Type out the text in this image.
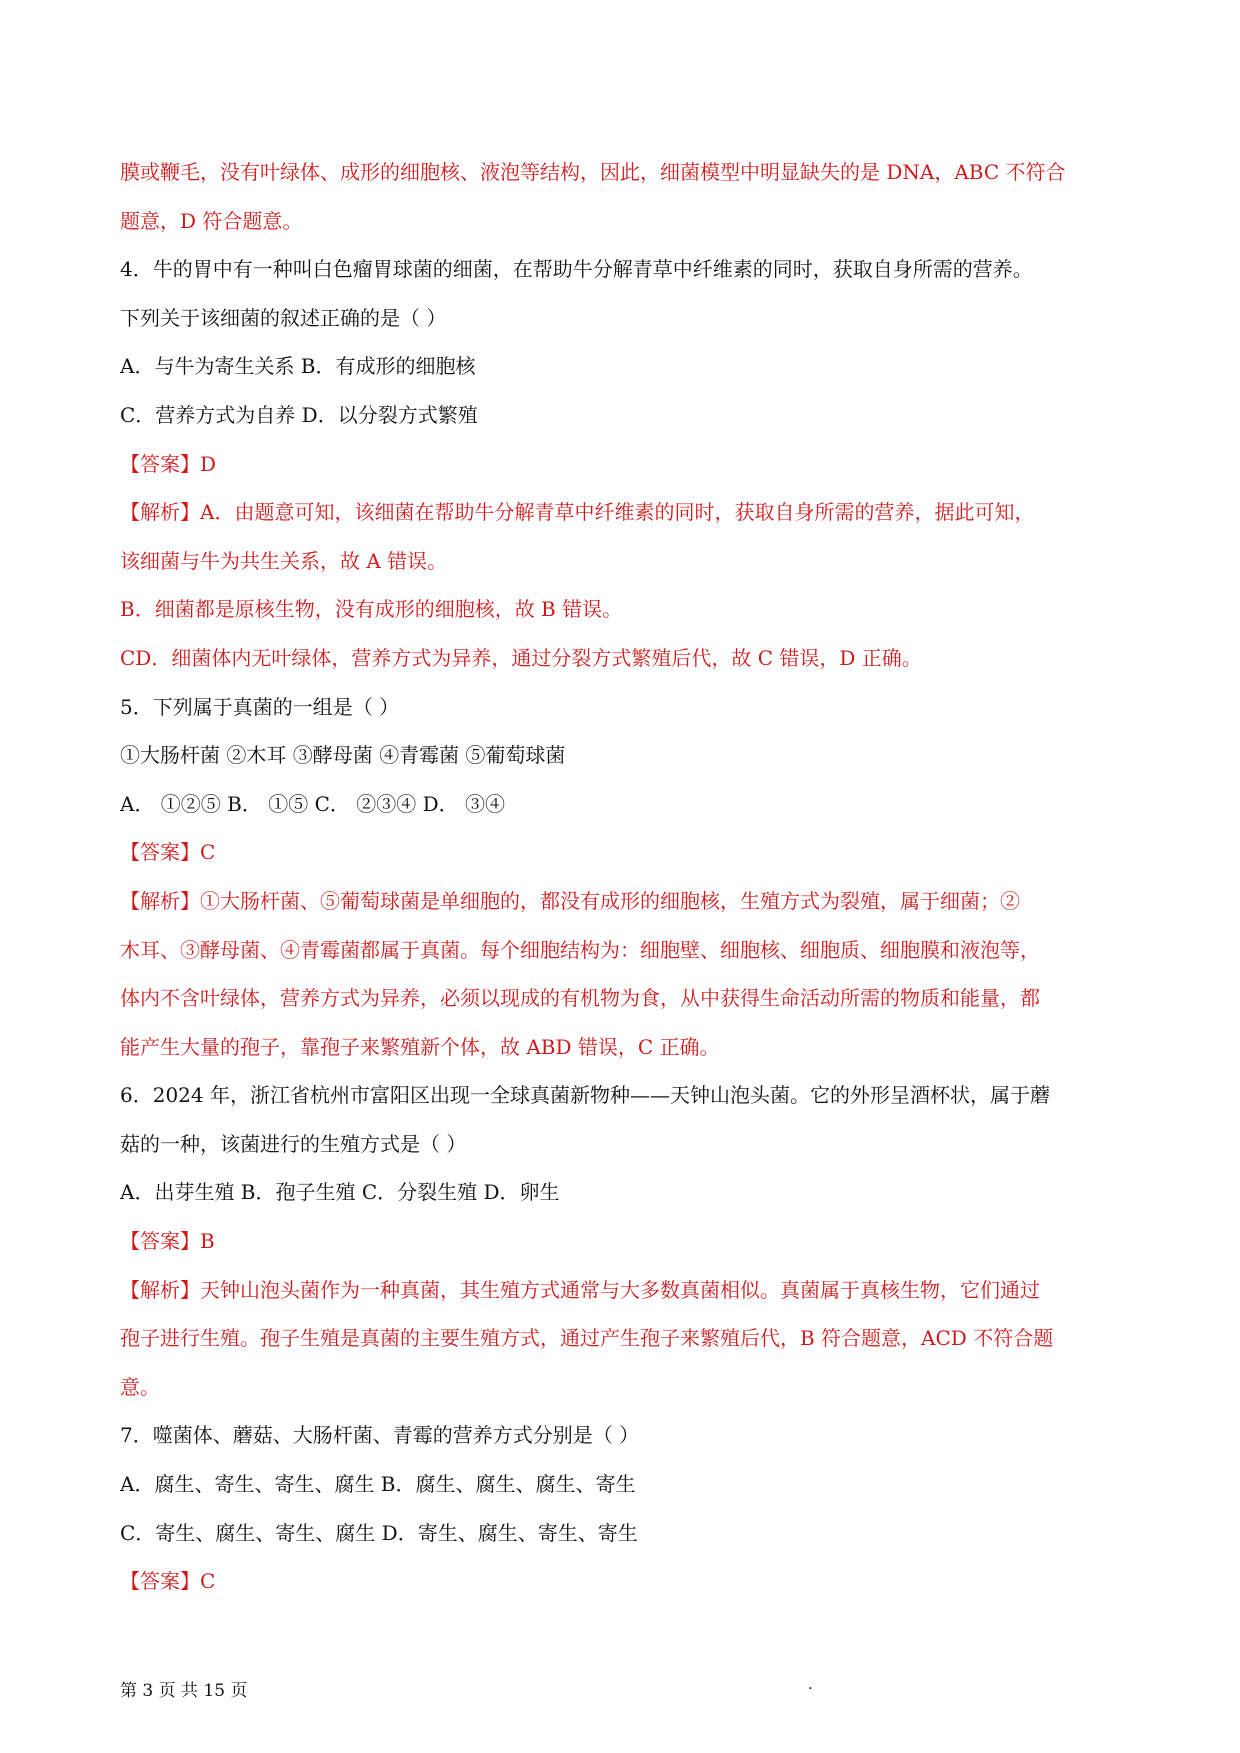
膜或鞭毛，没有叶绿体、成形的细胞核、液泡等结构，因此，细菌模型中明显缺失的是 DNA，ABC 不符合
题意，D 符合题意。
4．牛的胃中有一种叫白色瘤胃球菌的细菌，在帮助牛分解青草中纤维素的同时，获取自身所需的营养。
下列关于该细菌的叙述正确的是（ ）
A．与牛为寄生关系 B．有成形的细胞核
C．营养方式为自养 D．以分裂方式繁殖
【答案】D
【解析】A．由题意可知，该细菌在帮助牛分解青草中纤维素的同时，获取自身所需的营养，据此可知，
该细菌与牛为共生关系，故 A 错误。
B．细菌都是原核生物，没有成形的细胞核，故 B 错误。
CD．细菌体内无叶绿体，营养方式为异养，通过分裂方式繁殖后代，故 C 错误，D 正确。
5．下列属于真菌的一组是（ ）
①大肠杆菌 ②木耳 ③酵母菌 ④青霉菌 ⑤葡萄球菌
A． ①②⑤ B． ①⑤ C． ②③④ D． ③④
【答案】C
【解析】①大肠杆菌、⑤葡萄球菌是单细胞的，都没有成形的细胞核，生殖方式为裂殖，属于细菌；②
木耳、③酵母菌、④青霉菌都属于真菌。每个细胞结构为：细胞壁、细胞核、细胞质、细胞膜和液泡等，
体内不含叶绿体，营养方式为异养，必须以现成的有机物为食，从中获得生命活动所需的物质和能量，都
能产生大量的孢子，靠孢子来繁殖新个体，故 ABD 错误，C 正确。
6．2024 年，浙江省杭州市富阳区出现一全球真菌新物种——天钟山泡头菌。它的外形呈酒杯状，属于蘑
菇的一种，该菌进行的生殖方式是（ ）
A．出芽生殖 B．孢子生殖 C．分裂生殖 D．卵生
【答案】B
【解析】天钟山泡头菌作为一种真菌，其生殖方式通常与大多数真菌相似。真菌属于真核生物，它们通过
孢子进行生殖。孢子生殖是真菌的主要生殖方式，通过产生孢子来繁殖后代，B 符合题意，ACD 不符合题
意。
7．噬菌体、蘑菇、大肠杆菌、青霉的营养方式分别是（ ）
A．腐生、寄生、寄生、腐生 B．腐生、腐生、腐生、寄生
C．寄生、腐生、寄生、腐生 D．寄生、腐生、寄生、寄生
【答案】C
第 3 页 共 15 页	.
